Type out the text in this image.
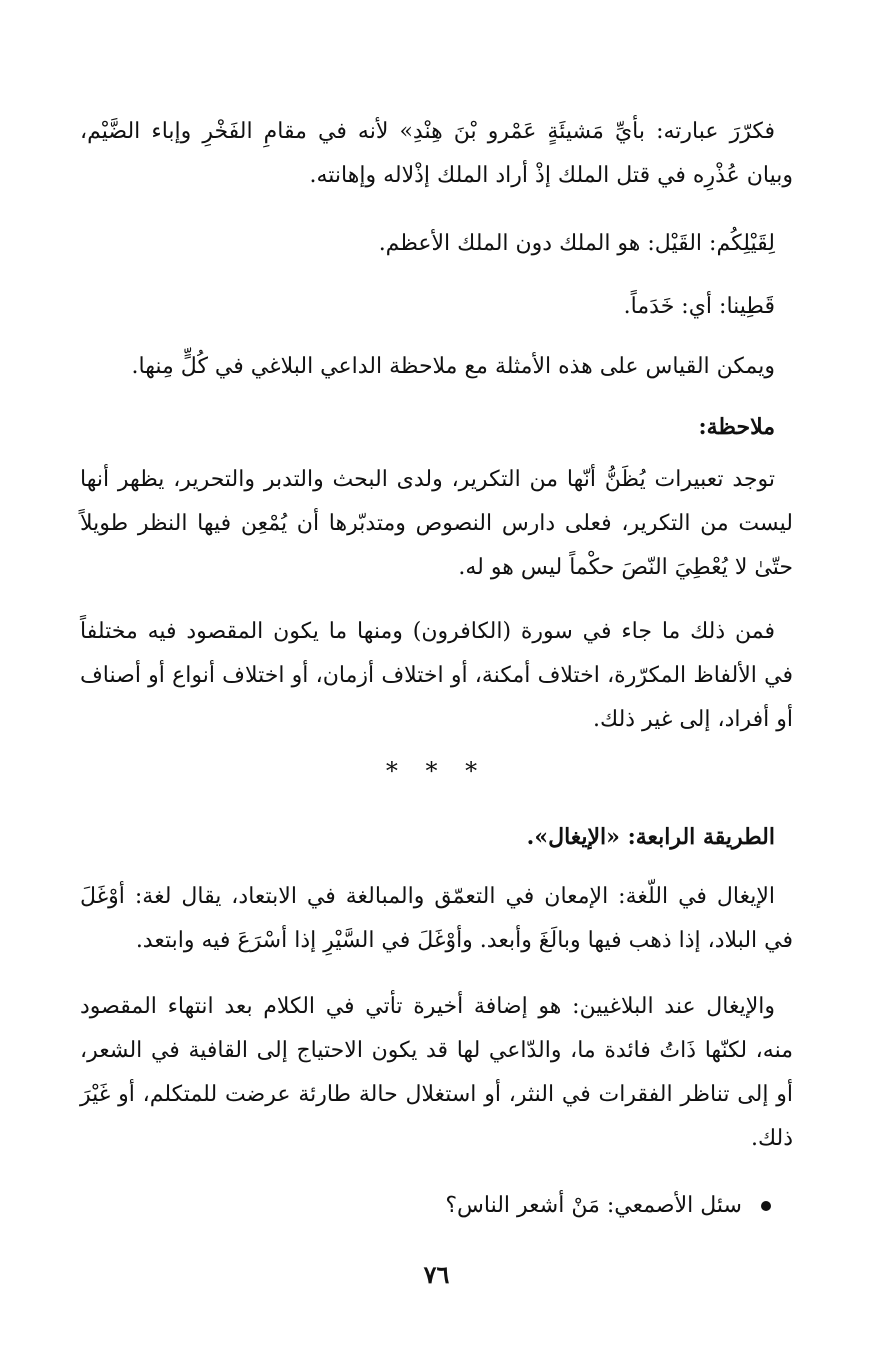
فكرّرَ عبارته: بأيِّ مَشيئَةٍ عَمْرو بْنَ هِنْدِ» لأنه في مقامِ الفَخْرِ وإباء الضَّيْم، وبيان عُذْرِه في قتل الملك إذْ أراد الملك إذْلاله وإهانته.

لِقَيْلِكُم: القَيْل: هو الملك دون الملك الأعظم.

قَطِينا: أي: خَدَماً.

ويمكن القياس على هذه الأمثلة مع ملاحظة الداعي البلاغي في كُلٍّ مِنها.

ملاحظة:

توجد تعبيرات يُظَنُّ أنّها من التكرير، ولدى البحث والتدبر والتحرير، يظهر أنها ليست من التكرير، فعلى دارس النصوص ومتدبّرها أن يُمْعِن فيها النظر طويلاً حتّىٰ لا يُعْطِيَ النّصَ حكْماً ليس هو له.

فمن ذلك ما جاء في سورة (الكافرون) ومنها ما يكون المقصود فيه مختلفاً في الألفاظ المكرّرة، اختلاف أمكنة، أو اختلاف أزمان، أو اختلاف أنواع أو أصناف أو أفراد، إلى غير ذلك.

* * *

الطريقة الرابعة: «الإيغال».

الإيغال في اللّغة: الإمعان في التعمّق والمبالغة في الابتعاد، يقال لغة: أوْغَلَ في البلاد، إذا ذهب فيها وبالَغَ وأبعد. وأوْغَلَ في السَّيْرِ إذا أسْرَعَ فيه وابتعد.

والإيغال عند البلاغيين: هو إضافة أخيرة تأتي في الكلام بعد انتهاء المقصود منه، لكنّها ذَاتُ فائدة ما، والدّاعي لها قد يكون الاحتياج إلى القافية في الشعر، أو إلى تناظر الفقرات في النثر، أو استغلال حالة طارئة عرضت للمتكلم، أو غَيْرَ ذلك.

سئل الأصمعي: مَنْ أشعر الناس؟

٧٦
